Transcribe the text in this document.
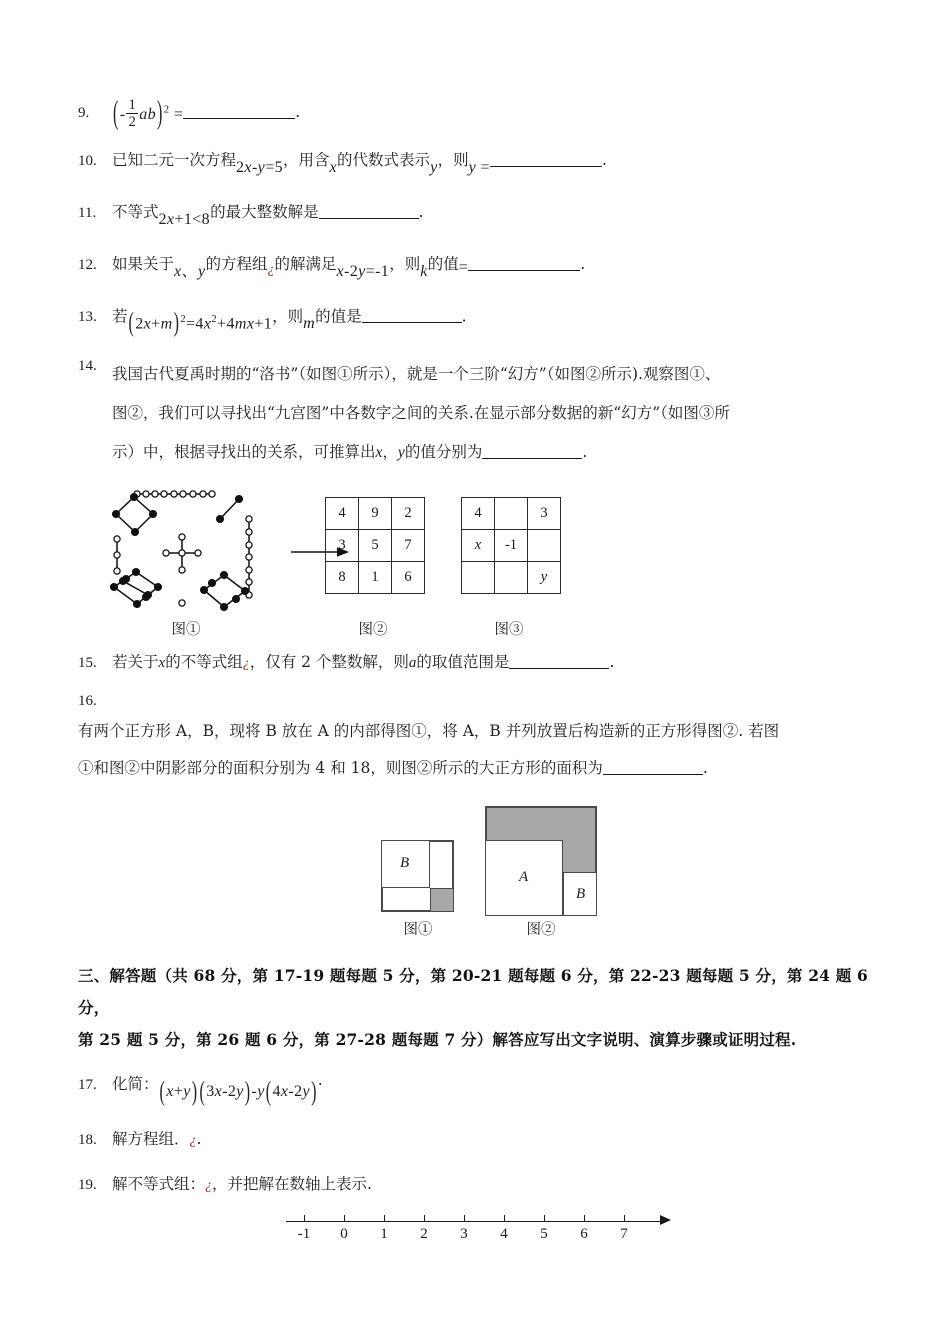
9. (- $\frac{1}{2} ab)^2$ =	.
10. 已知二元一次方程2x-y=5，用含x的代数式表示y，则y =	.
11. 不等式2x+1<8的最大整数解是	.
12. 如果关于x、y的方程组¿的解满足x-2y=-1，则k的值=	.
13. 若$(2x+m)^2=4x^2+4mx+1$，则m的值是	.
14. 我国古代夏禹时期的“洛书”（如图①所示），就是一个三阶“幻方”（如图②所示).观察图①、
图②，我们可以寻找出“九宫图”中各数字之间的关系.在显示部分数据的新“幻方”（如图③所
示）中，根据寻找出的关系，可推算出x，y的值分别为	.
4	9	2
3	5	7
8	1	6
4		3
x	-1	
		y
图①	图②	图③
15. 若关于x的不等式组¿，仅有 2 个整数解，则a的取值范围是	.
16.有两个正方形 A，B，现将 B 放在 A 的内部得图①，将 A，B 并列放置后构造新的正方形得图②. 若图
①和图②中阴影部分的面积分别为 4 和 18，则图②所示的大正方形的面积为	.
B
A
B
图①	图②
三、解答题（共 68 分，第 17-19 题每题 5 分，第 20-21 题每题 6 分，第 22-23 题每题 5 分，第 24 题 6 分，
第 25 题 5 分，第 26 题 6 分，第 27-28 题每题 7 分）解答应写出文字说明、演算步骤或证明过程.
17. 化简：(x+y) (3x-2y)-y(4x-2y).
18. 解方程组．¿.
19. 解不等式组：¿，并把解在数轴上表示.
-1	0	1	2	3	4	5	6	7
